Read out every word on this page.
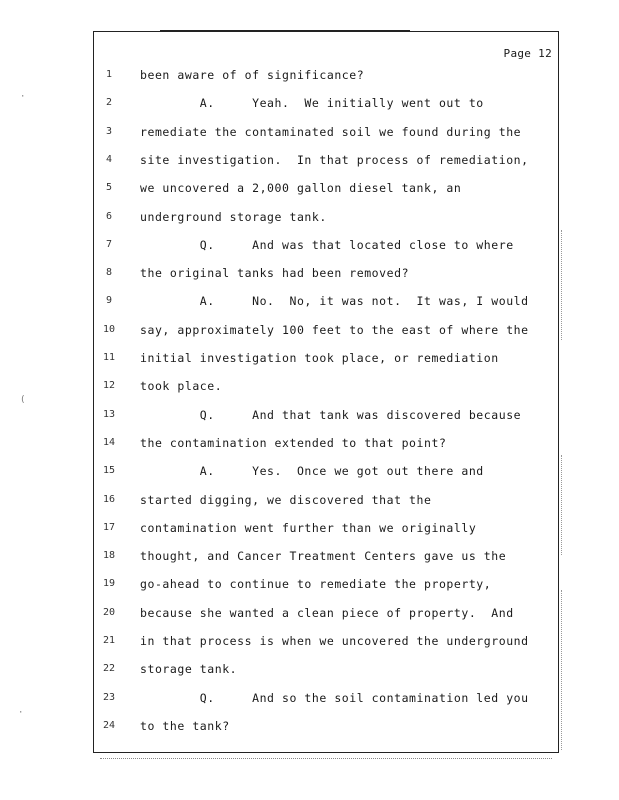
Page 12
1	been aware of of significance?
2	A.     Yeah.  We initially went out to
3	remediate the contaminated soil we found during the
4	site investigation.  In that process of remediation,
5	we uncovered a 2,000 gallon diesel tank, an
6	underground storage tank.
7	Q.     And was that located close to where
8	the original tanks had been removed?
9	A.     No.  No, it was not.  It was, I would
10	say, approximately 100 feet to the east of where the
11	initial investigation took place, or remediation
12	took place.
13	Q.     And that tank was discovered because
14	the contamination extended to that point?
15	A.     Yes.  Once we got out there and
16	started digging, we discovered that the
17	contamination went further than we originally
18	thought, and Cancer Treatment Centers gave us the
19	go-ahead to continue to remediate the property,
20	because she wanted a clean piece of property.  And
21	in that process is when we uncovered the underground
22	storage tank.
23	Q.     And so the soil contamination led you
24	to the tank?
·
(
·
